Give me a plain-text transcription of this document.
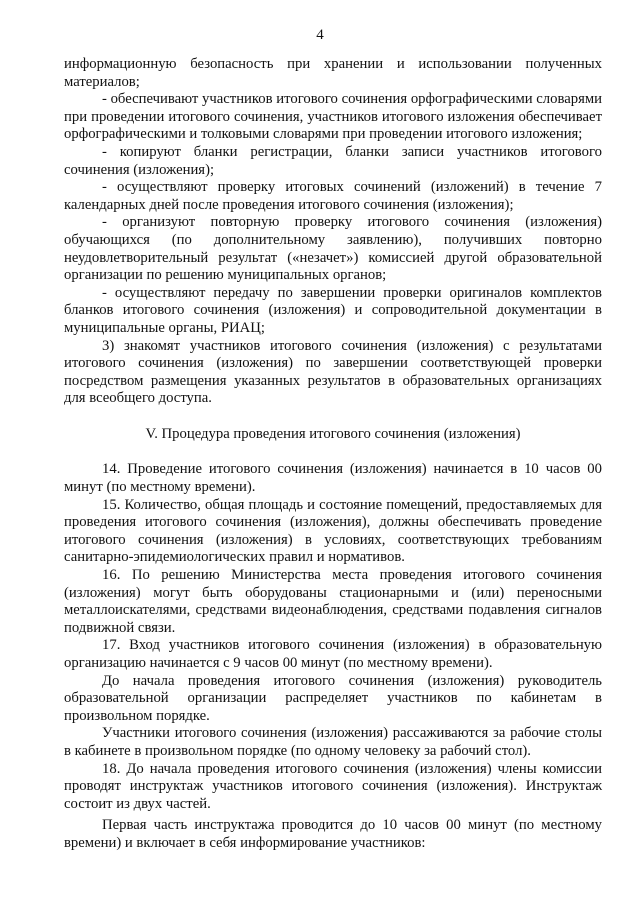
4

информационную безопасность при хранении и использовании полученных материалов;

- обеспечивают участников итогового сочинения орфографическими словарями при проведении итогового сочинения, участников итогового изложения обеспечивает орфографическими и толковыми словарями при проведении итогового изложения;

- копируют бланки регистрации, бланки записи участников итогового сочинения (изложения);

- осуществляют проверку итоговых сочинений (изложений) в течение 7 календарных дней после проведения итогового сочинения (изложения);

- организуют повторную проверку итогового сочинения (изложения) обучающихся (по дополнительному заявлению), получивших повторно неудовлетворительный результат («незачет») комиссией другой образовательной организации по решению муниципальных органов;

- осуществляют передачу по завершении проверки оригиналов комплектов бланков итогового сочинения (изложения) и сопроводительной документации в муниципальные органы, РИАЦ;

3) знакомят участников итогового сочинения (изложения) с результатами итогового сочинения (изложения) по завершении соответствующей проверки посредством размещения указанных результатов в образовательных организациях для всеобщего доступа.

V. Процедура проведения итогового сочинения (изложения)

14. Проведение итогового сочинения (изложения) начинается в 10 часов 00 минут (по местному времени).

15. Количество, общая площадь и состояние помещений, предоставляемых для проведения итогового сочинения (изложения), должны обеспечивать проведение итогового сочинения (изложения) в условиях, соответствующих требованиям санитарно-эпидемиологических правил и нормативов.

16. По решению Министерства места проведения итогового сочинения (изложения) могут быть оборудованы стационарными и (или) переносными металлоискателями, средствами видеонаблюдения, средствами подавления сигналов подвижной связи.

17. Вход участников итогового сочинения (изложения) в образовательную организацию начинается с 9 часов 00 минут (по местному времени).

До начала проведения итогового сочинения (изложения) руководитель образовательной организации распределяет участников по кабинетам в произвольном порядке.

Участники итогового сочинения (изложения) рассаживаются за рабочие столы в кабинете в произвольном порядке (по одному человеку за рабочий стол).

18. До начала проведения итогового сочинения (изложения) члены комиссии проводят инструктаж участников итогового сочинения (изложения). Инструктаж состоит из двух частей.

Первая часть инструктажа проводится до 10 часов 00 минут (по местному времени) и включает в себя информирование участников:
